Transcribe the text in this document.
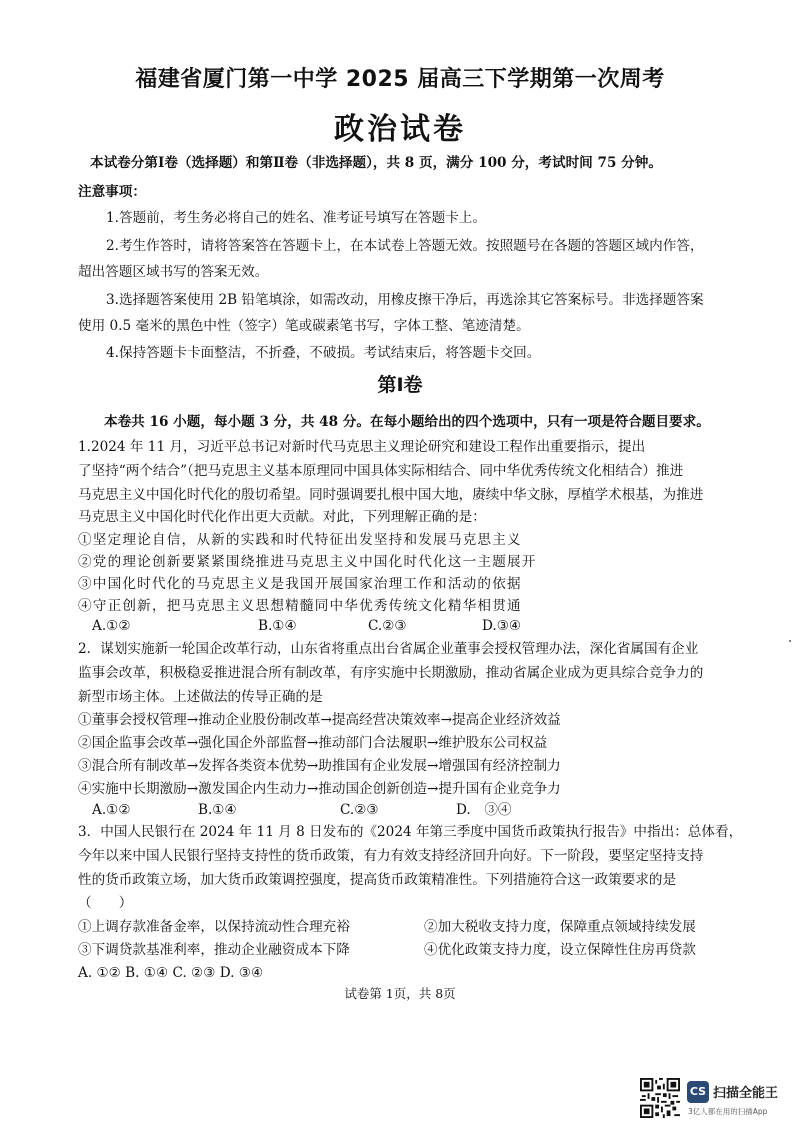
福建省厦门第一中学 2025 届高三下学期第一次周考
政治试卷
本试卷分第Ⅰ卷（选择题）和第Ⅱ卷（非选择题），共 8 页，满分 100 分，考试时间 75 分钟。
注意事项：
1.答题前，考生务必将自己的姓名、准考证号填写在答题卡上。
2.考生作答时，请将答案答在答题卡上，在本试卷上答题无效。按照题号在各题的答题区域内作答，
超出答题区域书写的答案无效。
3.选择题答案使用 2B 铅笔填涂，如需改动，用橡皮擦干净后，再选涂其它答案标号。非选择题答案
使用 0.5 毫米的黑色中性（签字）笔或碳素笔书写，字体工整、笔迹清楚。
4.保持答题卡卡面整洁，不折叠，不破损。考试结束后，将答题卡交回。
第Ⅰ卷
本卷共 16 小题，每小题 3 分，共 48 分。在每小题给出的四个选项中，只有一项是符合题目要求。
1.2024 年 11 月，习近平总书记对新时代马克思主义理论研究和建设工程作出重要指示，提出
了坚持“两个结合”（把马克思主义基本原理同中国具体实际相结合、同中华优秀传统文化相结合）推进
马克思主义中国化时代化的殷切希望。同时强调要扎根中国大地，赓续中华文脉，厚植学术根基，为推进
马克思主义中国化时代化作出更大贡献。对此，下列理解正确的是：
①坚定理论自信，从新的实践和时代特征出发坚持和发展马克思主义
②党的理论创新要紧紧围绕推进马克思主义中国化时代化这一主题展开
③中国化时代化的马克思主义是我国开展国家治理工作和活动的依据
④守正创新，把马克思主义思想精髓同中华优秀传统文化精华相贯通
A.①②	B.①④	C.②③	D.③④
2．谋划实施新一轮国企改革行动，山东省将重点出台省属企业董事会授权管理办法，深化省属国有企业
监事会改革，积极稳妥推进混合所有制改革，有序实施中长期激励，推动省属企业成为更具综合竞争力的
新型市场主体。上述做法的传导正确的是
①董事会授权管理→推动企业股份制改革→提高经营决策效率→提高企业经济效益
②国企监事会改革→强化国企外部监督→推动部门合法履职→维护股东公司权益
③混合所有制改革→发挥各类资本优势→助推国有企业发展→增强国有经济控制力
④实施中长期激励→激发国企内生动力→推动国企创新创造→提升国有企业竞争力
A.①②	B.①④	C.②③	D.　③④
3．中国人民银行在 2024 年 11 月 8 日发布的《2024 年第三季度中国货币政策执行报告》中指出：总体看，
今年以来中国人民银行坚持支持性的货币政策，有力有效支持经济回升向好。下一阶段，要坚定坚持支持
性的货币政策立场，加大货币政策调控强度，提高货币政策精准性。下列措施符合这一政策要求的是
（　　）
①上调存款准备金率，以保持流动性合理充裕	②加大税收支持力度，保障重点领域持续发展
③下调贷款基准利率，推动企业融资成本下降	④优化政策支持力度，设立保障性住房再贷款
A. ①② B. ①④ C. ②③ D. ③④
试卷第 1页，共 8页
CS 扫描全能王
3亿人都在用的扫描App
